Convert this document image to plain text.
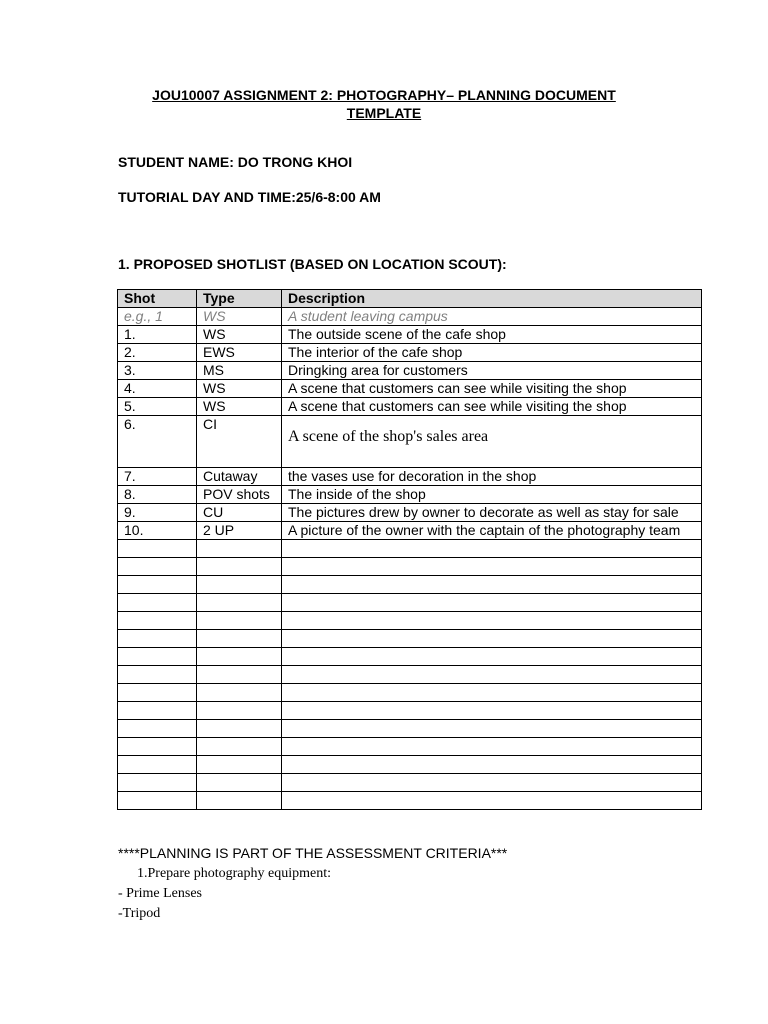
JOU10007 ASSIGNMENT 2: PHOTOGRAPHY– PLANNING DOCUMENT
TEMPLATE
STUDENT NAME: DO TRONG KHOI
TUTORIAL DAY AND TIME:25/6-8:00 AM
1. PROPOSED SHOTLIST (BASED ON LOCATION SCOUT):
Shot	Type	Description
e.g., 1	WS	A student leaving campus
1.	WS	The outside scene of the cafe shop
2.	EWS	The interior of the cafe shop
3.	MS	Dringking area for customers
4.	WS	A scene that customers can see while visiting the shop
5.	WS	A scene that customers can see while visiting the shop
6.	CI	A scene of the shop's sales area
7.	Cutaway	the vases use for decoration in the shop
8.	POV shots	The inside of the shop
9.	CU	The pictures drew by owner to decorate as well as stay for sale
10.	2 UP	A picture of the owner with the captain of the photography team

****PLANNING IS PART OF THE ASSESSMENT CRITERIA***
1.Prepare photography equipment:
- Prime Lenses
-Tripod
